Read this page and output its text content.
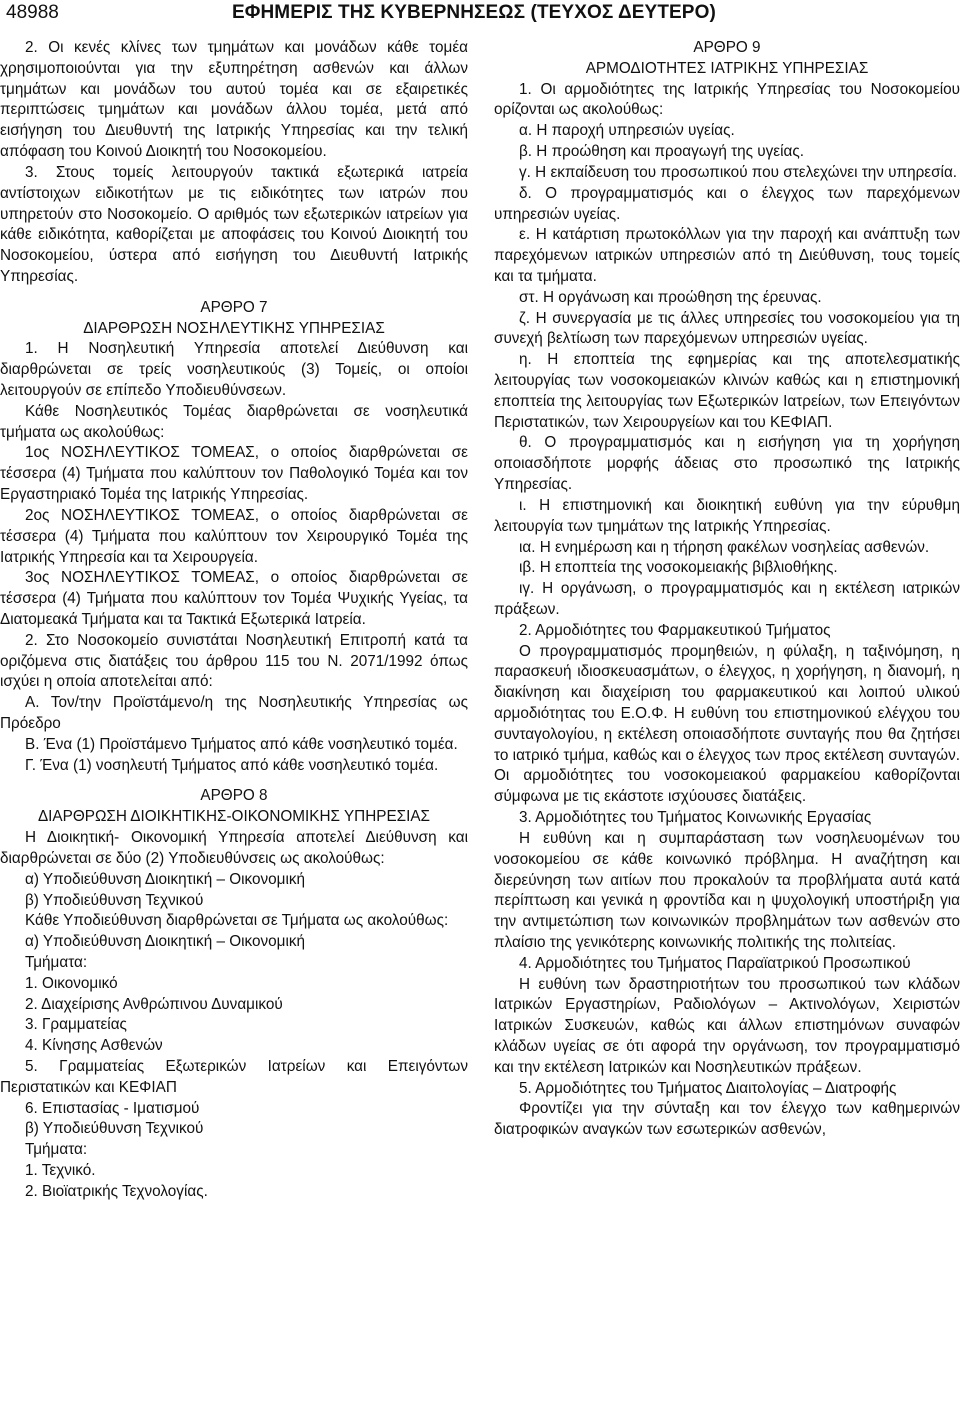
48988	ΕΦΗΜΕΡΙΣ ΤΗΣ ΚΥΒΕΡΝΗΣΕΩΣ (ΤΕΥΧΟΣ ΔΕΥΤΕΡΟ)

2. Οι κενές κλίνες των τμημάτων και μονάδων κάθε τομέα χρησιμοποιούνται για την εξυπηρέτηση ασθενών και άλλων τμημάτων και μονάδων του αυτού τομέα και σε εξαιρετικές περιπτώσεις τμημάτων και μονάδων άλλου τομέα, μετά από εισήγηση του Διευθυντή της Ιατρικής Υπηρεσίας και την τελική απόφαση του Κοινού Διοικητή του Νοσοκομείου.

3. Στους τομείς λειτουργούν τακτικά εξωτερικά ιατρεία αντίστοιχων ειδικοτήτων με τις ειδικότητες των ιατρών που υπηρετούν στο Νοσοκομείο. Ο αριθμός των εξωτερικών ιατρείων για κάθε ειδικότητα, καθορίζεται με αποφάσεις του Κοινού Διοικητή του Νοσοκομείου, ύστερα από εισήγηση του Διευθυντή Ιατρικής Υπηρεσίας.

ΑΡΘΡΟ 7

ΔΙΑΡΘΡΩΣΗ ΝΟΣΗΛΕΥΤΙΚΗΣ ΥΠΗΡΕΣΙΑΣ

1. Η Νοσηλευτική Υπηρεσία αποτελεί Διεύθυνση και διαρθρώνεται σε τρείς νοσηλευτικούς (3) Τομείς, οι οποίοι λειτουργούν σε επίπεδο Υποδιευθύνσεων.

Κάθε Νοσηλευτικός Τομέας διαρθρώνεται σε νοσηλευτικά τμήματα ως ακολούθως:

1ος ΝΟΣΗΛΕΥΤΙΚΟΣ ΤΟΜΕΑΣ, ο οποίος διαρθρώνεται σε τέσσερα (4) Τμήματα που καλύπτουν τον Παθολογικό Τομέα και τον Εργαστηριακό Τομέα της Ιατρικής Υπηρεσίας.

2ος ΝΟΣΗΛΕΥΤΙΚΟΣ ΤΟΜΕΑΣ, ο οποίος διαρθρώνεται σε τέσσερα (4) Τμήματα που καλύπτουν τον Χειρουργικό Τομέα της Ιατρικής Υπηρεσία και τα Χειρουργεία.

3ος ΝΟΣΗΛΕΥΤΙΚΟΣ ΤΟΜΕΑΣ, ο οποίος διαρθρώνεται σε τέσσερα (4) Τμήματα που καλύπτουν τον Τομέα Ψυχικής Υγείας, τα Διατομεακά Τμήματα και τα Τακτικά Εξωτερικά Ιατρεία.

2. Στο Νοσοκομείο συνιστάται Νοσηλευτική Επιτροπή κατά τα οριζόμενα στις διατάξεις του άρθρου 115 του Ν. 2071/1992 όπως ισχύει η οποία αποτελείται από:

Α. Τον/την Προϊστάμενο/η της Νοσηλευτικής Υπηρεσίας ως Πρόεδρο

Β. Ένα (1) Προϊστάμενο Τμήματος από κάθε νοσηλευτικό τομέα.

Γ. Ένα (1) νοσηλευτή Τμήματος από κάθε νοσηλευτικό τομέα.

ΑΡΘΡΟ 8

ΔΙΑΡΘΡΩΣΗ ΔΙΟΙΚΗΤΙΚΗΣ-ΟΙΚΟΝΟΜΙΚΗΣ ΥΠΗΡΕΣΙΑΣ

Η Διοικητική- Οικονομική Υπηρεσία αποτελεί Διεύθυνση και διαρθρώνεται σε δύο (2) Υποδιευθύνσεις ως ακολούθως:

α) Υποδιεύθυνση Διοικητική – Οικονομική

β) Υποδιεύθυνση Τεχνικού

Κάθε Υποδιεύθυνση διαρθρώνεται σε Τμήματα ως ακολούθως:

α) Υποδιεύθυνση Διοικητική – Οικονομική

Τμήματα:

1. Οικονομικό

2. Διαχείρισης Ανθρώπινου Δυναμικού

3. Γραμματείας

4. Κίνησης Ασθενών

5. Γραμματείας Εξωτερικών Ιατρείων και Επειγόντων Περιστατικών και ΚΕΦΙΑΠ

6. Επιστασίας - Ιματισμού

β) Υποδιεύθυνση Τεχνικού

Τμήματα:

1. Τεχνικό.

2. Βιοϊατρικής Τεχνολογίας.

ΑΡΘΡΟ 9

ΑΡΜΟΔΙΟΤΗΤΕΣ ΙΑΤΡΙΚΗΣ ΥΠΗΡΕΣΙΑΣ

1. Οι αρμοδιότητες της Ιατρικής Υπηρεσίας του Νοσοκομείου ορίζονται ως ακολούθως:

α. Η παροχή υπηρεσιών υγείας.

β. Η προώθηση και προαγωγή της υγείας.

γ. Η εκπαίδευση του προσωπικού που στελεχώνει την υπηρεσία.

δ. Ο προγραμματισμός και ο έλεγχος των παρεχόμενων υπηρεσιών υγείας.

ε. Η κατάρτιση πρωτοκόλλων για την παροχή και ανάπτυξη των παρεχόμενων ιατρικών υπηρεσιών από τη Διεύθυνση, τους τομείς και τα τμήματα.

στ. Η οργάνωση και προώθηση της έρευνας.

ζ. Η συνεργασία με τις άλλες υπηρεσίες του νοσοκομείου για τη συνεχή βελτίωση των παρεχόμενων υπηρεσιών υγείας.

η. Η εποπτεία της εφημερίας και της αποτελεσματικής λειτουργίας των νοσοκομειακών κλινών καθώς και η επιστημονική εποπτεία της λειτουργίας των Εξωτερικών Ιατρείων, των Επειγόντων Περιστατικών, των Χειρουργείων και του ΚΕΦΙΑΠ.

θ. Ο προγραμματισμός και η εισήγηση για τη χορήγηση οποιασδήποτε μορφής άδειας στο προσωπικό της Ιατρικής Υπηρεσίας.

ι. Η επιστημονική και διοικητική ευθύνη για την εύρυθμη λειτουργία των τμημάτων της Ιατρικής Υπηρεσίας.

ια. Η ενημέρωση και η τήρηση φακέλων νοσηλείας ασθενών.

ιβ. Η εποπτεία της νοσοκομειακής βιβλιοθήκης.

ιγ. Η οργάνωση, ο προγραμματισμός και η εκτέλεση ιατρικών πράξεων.

2. Αρμοδιότητες του Φαρμακευτικού Τμήματος

Ο προγραμματισμός προμηθειών, η φύλαξη, η ταξινόμηση, η παρασκευή ιδιοσκευασμάτων, ο έλεγχος, η χορήγηση, η διανομή, η διακίνηση και διαχείριση του φαρμακευτικού και λοιπού υλικού αρμοδιότητας του Ε.Ο.Φ. Η ευθύνη του επιστημονικού ελέγχου του συνταγολογίου, η εκτέλεση οποιασδήποτε συνταγής που θα ζητήσει το ιατρικό τμήμα, καθώς και ο έλεγχος των προς εκτέλεση συνταγών. Οι αρμοδιότητες του νοσοκομειακού φαρμακείου καθορίζονται σύμφωνα με τις εκάστοτε ισχύουσες διατάξεις.

3. Αρμοδιότητες του Τμήματος Κοινωνικής Εργασίας

Η ευθύνη και η συμπαράσταση των νοσηλευομένων του νοσοκομείου σε κάθε κοινωνικό πρόβλημα. Η αναζήτηση και διερεύνηση των αιτίων που προκαλούν τα προβλήματα αυτά κατά περίπτωση και γενικά η φροντίδα και η ψυχολογική υποστήριξη για την αντιμετώπιση των κοινωνικών προβλημάτων των ασθενών στο πλαίσιο της γενικότερης κοινωνικής πολιτικής της πολιτείας.

4. Αρμοδιότητες του Τμήματος Παραϊατρικού Προσωπικού

Η ευθύνη των δραστηριοτήτων του προσωπικού των κλάδων Ιατρικών Εργαστηρίων, Ραδιολόγων – Ακτινολόγων, Χειριστών Ιατρικών Συσκευών, καθώς και άλλων επιστημόνων συναφών κλάδων υγείας σε ότι αφορά την οργάνωση, τον προγραμματισμό και την εκτέλεση Ιατρικών και Νοσηλευτικών πράξεων.

5. Αρμοδιότητες του Τμήματος Διαιτολογίας – Διατροφής

Φροντίζει για την σύνταξη και τον έλεγχο των καθημερινών διατροφικών αναγκών των εσωτερικών ασθενών,
